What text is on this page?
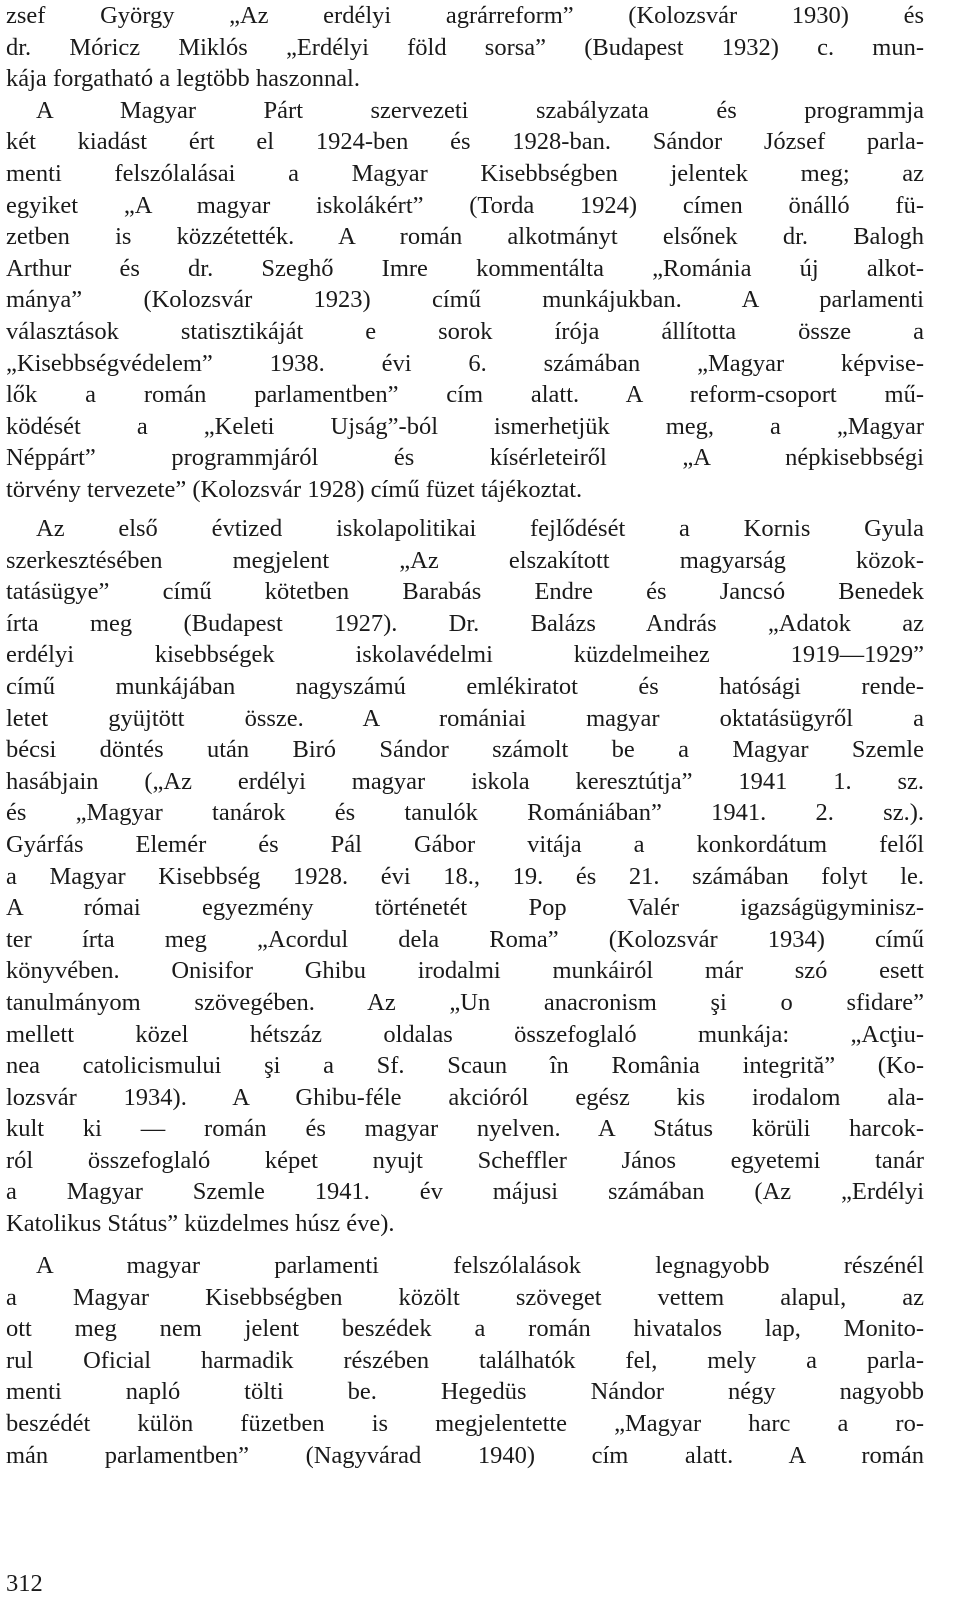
zsef György „Az erdélyi agrárreform” (Kolozsvár 1930) és
dr. Móricz Miklós „Erdélyi föld sorsa” (Budapest 1932) c. mun-
kája forgatható a legtöbb haszonnal.
A Magyar Párt szervezeti szabályzata és programmja
két kiadást ért el 1924-ben és 1928-ban. Sándor József parla-
menti felszólalásai a Magyar Kisebbségben jelentek meg; az
egyiket „A magyar iskolákért” (Torda 1924) címen önálló fü-
zetben is közzétették. A román alkotmányt elsőnek dr. Balogh
Arthur és dr. Szeghő Imre kommentálta „Románia új alkot-
mánya” (Kolozsvár 1923) című munkájukban. A parlamenti
választások statisztikáját e sorok írója állította össze a
„Kisebbségvédelem” 1938. évi 6. számában „Magyar képvise-
lők a román parlamentben” cím alatt. A reform-csoport mű-
ködését a „Keleti Ujság”-ból ismerhetjük meg, a „Magyar
Néppárt” programmjáról és kísérleteiről „A népkisebbségi
törvény tervezete” (Kolozsvár 1928) című füzet tájékoztat.
Az első évtized iskolapolitikai fejlődését a Kornis Gyula
szerkesztésében megjelent „Az elszakított magyarság közok-
tatásügye” című kötetben Barabás Endre és Jancsó Benedek
írta meg (Budapest 1927). Dr. Balázs András „Adatok az
erdélyi kisebbségek iskolavédelmi küzdelmeihez 1919—1929”
című munkájában nagyszámú emlékiratot és hatósági rende-
letet gyüjtött össze. A romániai magyar oktatásügyről a
bécsi döntés után Biró Sándor számolt be a Magyar Szemle
hasábjain („Az erdélyi magyar iskola keresztútja” 1941 1. sz.
és „Magyar tanárok és tanulók Romániában” 1941. 2. sz.).
Gyárfás Elemér és Pál Gábor vitája a konkordátum felől
a Magyar Kisebbség 1928. évi 18., 19. és 21. számában folyt le.
A római egyezmény történetét Pop Valér igazságügyminisz-
ter írta meg „Acordul dela Roma” (Kolozsvár 1934) című
könyvében. Onisifor Ghibu irodalmi munkáiról már szó esett
tanulmányom szövegében. Az „Un anacronism şi o sfidare”
mellett közel hétszáz oldalas összefoglaló munkája: „Acţiu-
nea catolicismului şi a Sf. Scaun în România integrită” (Ko-
lozsvár 1934). A Ghibu-féle akcióról egész kis irodalom ala-
kult ki — román és magyar nyelven. A Státus körüli harcok-
ról összefoglaló képet nyujt Scheffler János egyetemi tanár
a Magyar Szemle 1941. év májusi számában (Az „Erdélyi
Katolikus Státus” küzdelmes húsz éve).
A magyar parlamenti felszólalások legnagyobb részénél
a Magyar Kisebbségben közölt szöveget vettem alapul, az
ott meg nem jelent beszédek a román hivatalos lap, Monito-
rul Oficial harmadik részében találhatók fel, mely a parla-
menti napló tölti be. Hegedüs Nándor négy nagyobb
beszédét külön füzetben is megjelentette „Magyar harc a ro-
mán parlamentben” (Nagyvárad 1940) cím alatt. A román
312
